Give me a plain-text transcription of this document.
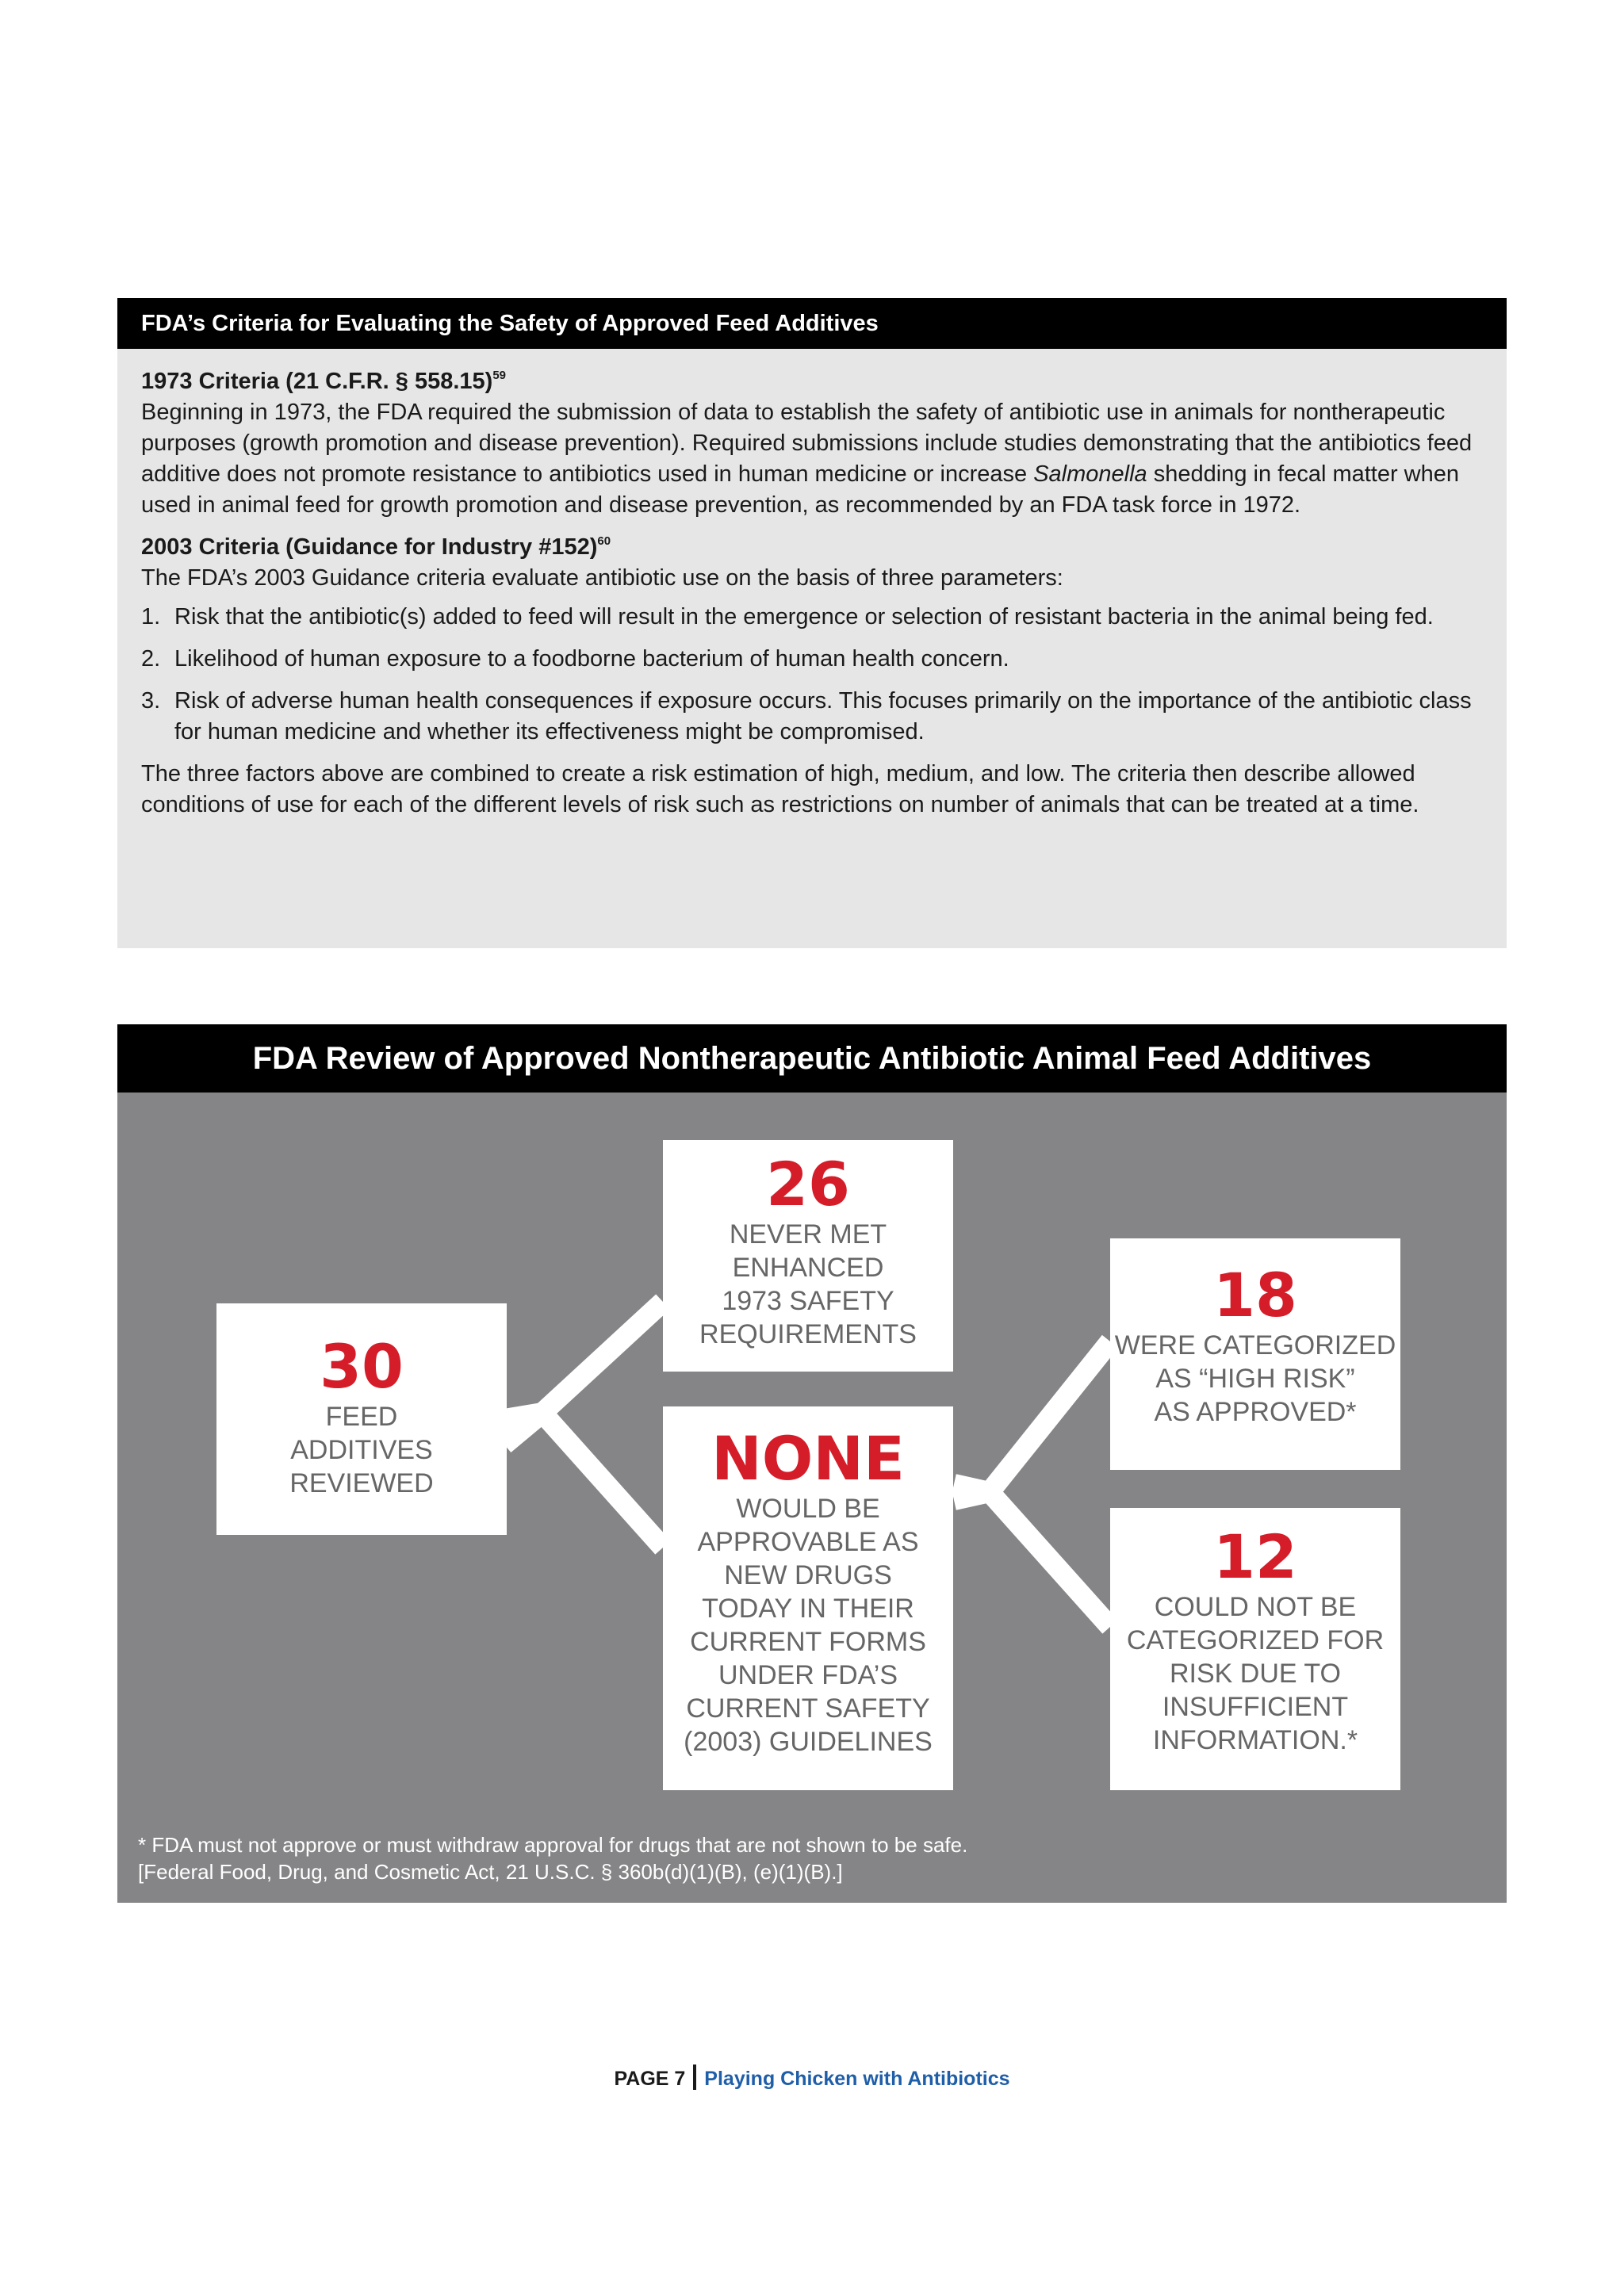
FDA’s Criteria for Evaluating the Safety of Approved Feed Additives
1973 Criteria (21 C.F.R. § 558.15)$^{59}$

Beginning in 1973, the FDA required the submission of data to establish the safety of antibiotic use in animals for nontherapeutic purposes (growth promotion and disease prevention). Required submissions include studies demonstrating that the antibiotics feed additive does not promote resistance to antibiotics used in human medicine or increase Salmonella shedding in fecal matter when used in animal feed for growth promotion and disease prevention, as recommended by an FDA task force in 1972.

2003 Criteria (Guidance for Industry #152)$^{60}$

The FDA’s 2003 Guidance criteria evaluate antibiotic use on the basis of three parameters:

1. Risk that the antibiotic(s) added to feed will result in the emergence or selection of resistant bacteria in the animal being fed.
2. Likelihood of human exposure to a foodborne bacterium of human health concern.
3. Risk of adverse human health consequences if exposure occurs. This focuses primarily on the importance of the antibiotic class for human medicine and whether its effectiveness might be compromised.

The three factors above are combined to create a risk estimation of high, medium, and low. The criteria then describe allowed conditions of use for each of the different levels of risk such as restrictions on number of animals that can be treated at a time.

FDA Review of Approved Nontherapeutic Antibiotic Animal Feed Additives
30
FEED
ADDITIVES
REVIEWED
26
NEVER MET
ENHANCED
1973 SAFETY
REQUIREMENTS
NONE
WOULD BE
APPROVABLE AS
NEW DRUGS
TODAY IN THEIR
CURRENT FORMS
UNDER FDA’S
CURRENT SAFETY
(2003) GUIDELINES
18
WERE CATEGORIZED
AS “HIGH RISK”
AS APPROVED*
12
COULD NOT BE
CATEGORIZED FOR
RISK DUE TO
INSUFFICIENT
INFORMATION.*
* FDA must not approve or must withdraw approval for drugs that are not shown to be safe.
[Federal Food, Drug, and Cosmetic Act, 21 U.S.C. § 360b(d)(1)(B), (e)(1)(B).]
PAGE 7 Playing Chicken with Antibiotics
